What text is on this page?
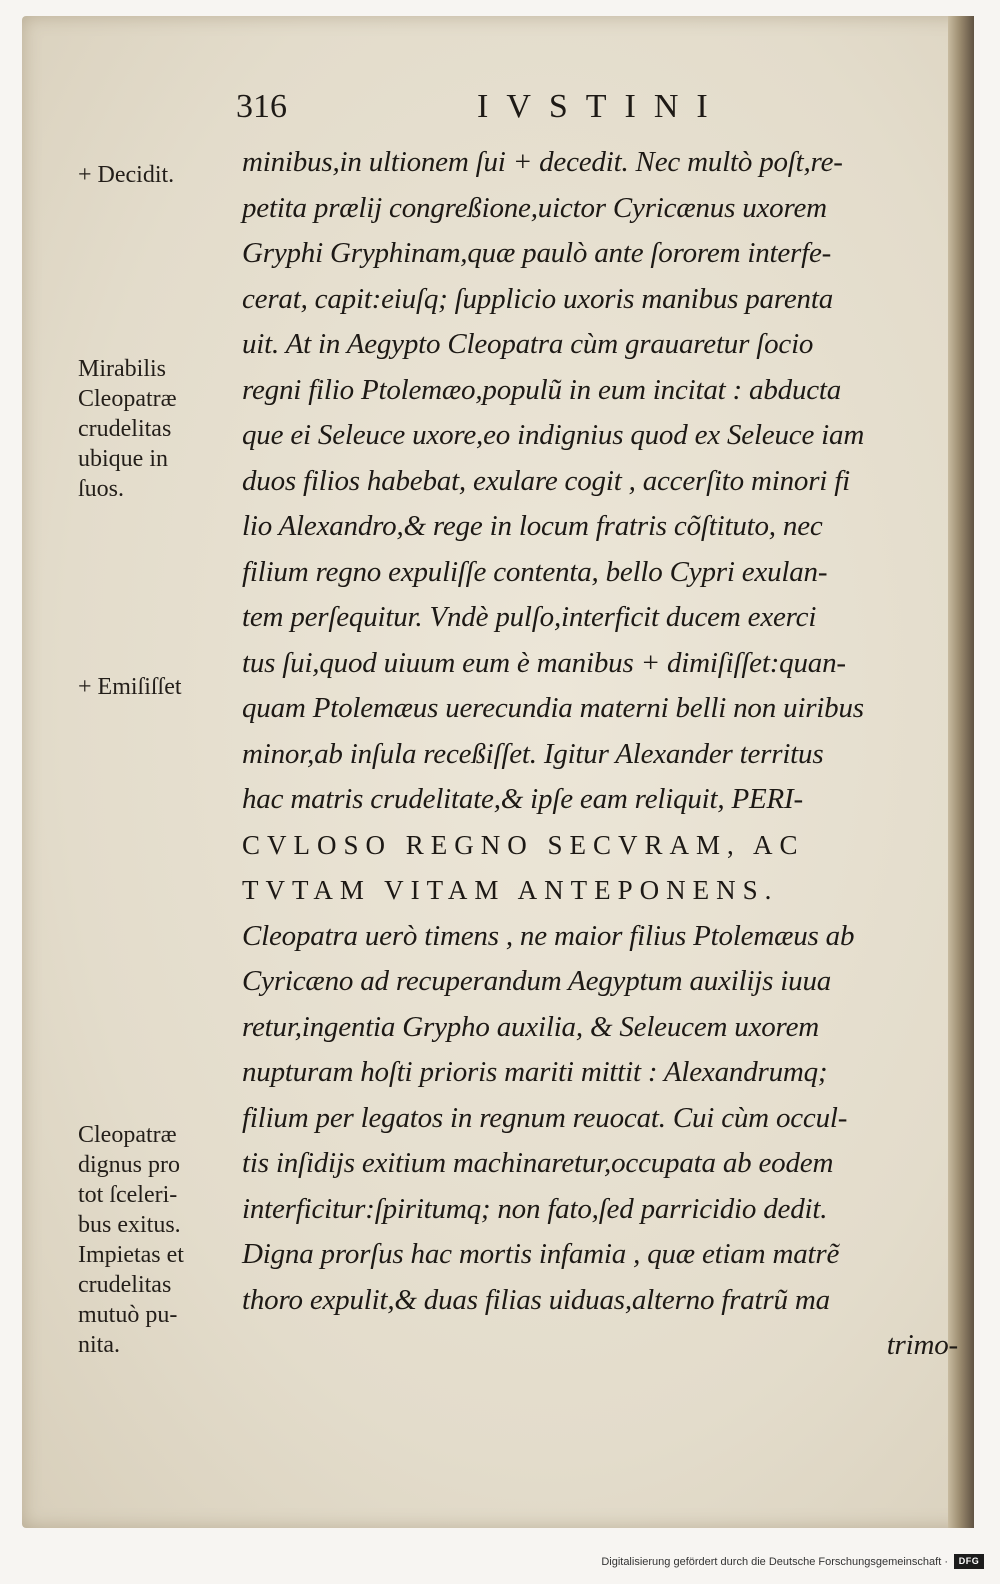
316	IVSTINI
+ Decidit.
Mirabilis
Cleopatræ
crudelitas
ubique in
ſuos.
+ Emiſiſſet
Cleopatræ
dignus pro
tot ſceleri-
bus exitus.
Impietas et
crudelitas
mutuò pu-
nita.
minibus,in ultionem ſui + decedit. Nec multò poſt,re-
petita prælij congreßione,uictor Cyricænus uxorem
Gryphi Gryphinam,quæ paulò ante ſororem interfe-
cerat, capit:eiuſq; ſupplicio uxoris manibus parenta
uit. At in Aegypto Cleopatra cùm grauaretur ſocio
regni filio Ptolemæo,populũ in eum incitat : abducta
que ei Seleuce uxore,eo indignius quod ex Seleuce iam
duos filios habebat, exulare cogit , accerſito minori fi
lio Alexandro,& rege in locum fratris cõſtituto, nec
filium regno expuliſſe contenta, bello Cypri exulan-
tem perſequitur. Vndè pulſo,interficit ducem exerci
tus ſui,quod uiuum eum è manibus + dimiſiſſet:quan-
quam Ptolemæus uerecundia materni belli non uiribus
minor,ab inſula receßiſſet. Igitur Alexander territus
hac matris crudelitate,& ipſe eam reliquit, PERI-
CVLOSO REGNO SECVRAM, AC
TVTAM VITAM ANTEPONENS.
Cleopatra uerò timens , ne maior filius Ptolemæus ab
Cyricæno ad recuperandum Aegyptum auxilijs iuua
retur,ingentia Grypho auxilia, & Seleucem uxorem
nupturam hoſti prioris mariti mittit : Alexandrumq;
filium per legatos in regnum reuocat. Cui cùm occul-
tis inſidijs exitium machinaretur,occupata ab eodem
interficitur:ſpiritumq; non fato,ſed parricidio dedit.
Digna prorſus hac mortis infamia , quæ etiam matrẽ
thoro expulit,& duas filias uiduas,alterno fratrũ ma
trimo-
Digitalisierung gefördert durch die Deutsche Forschungsgemeinschaft ·	DFG
